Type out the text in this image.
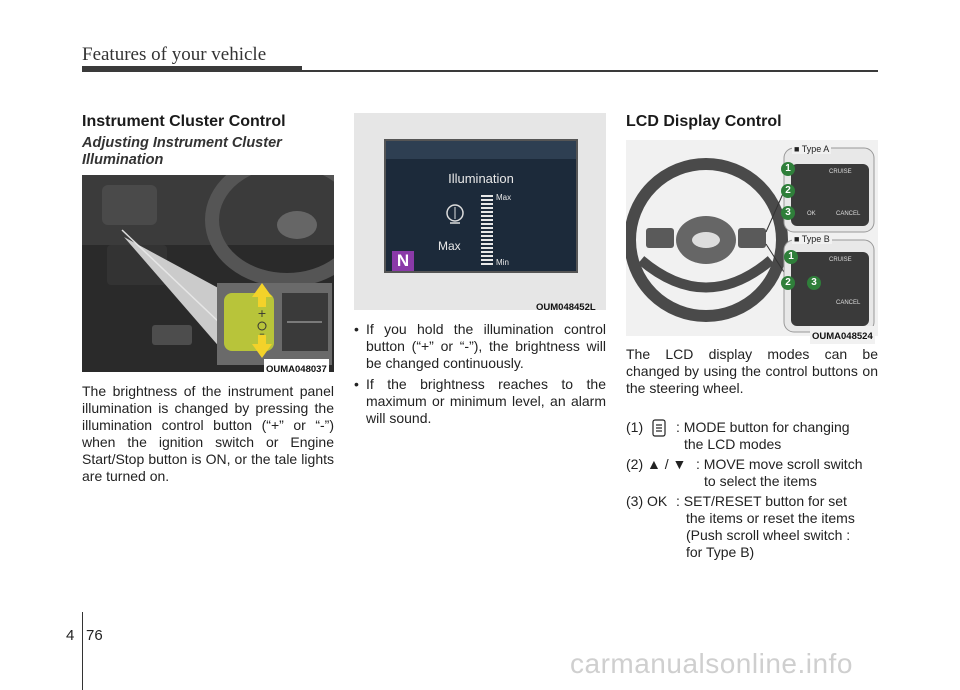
Features of your vehicle
Instrument Cluster Control
Adjusting Instrument Cluster Illumination
+
–
OUMA048037
The brightness of the instrument panel illumination is changed by pressing the illumination control button (“+” or “-”) when the ignition switch or Engine Start/Stop button is ON, or the tale lights are turned on.
Illumination
Max
Max
Min
N
OUM048452L
• If you hold the illumination control button (“+” or “-”), the brightness will be changed continuously.
• If the brightness reaches to the maximum or minimum level, an alarm will sound.
LCD Display Control
■ Type A
■ Type B
CRUISE
OK	CANCEL
CRUISE
CANCEL
1
2
3
1
2	3
OUMA048524
The LCD display modes can be changed by using the control buttons on the steering wheel.
(1) : MODE button for changing
the LCD modes
(2) ▲ / ▼ : MOVE move scroll switch
to select the items
(3) OK : SET/RESET button for set
the items or reset the items
(Push scroll wheel switch :
for Type B)
4 76
carmanualsonline.info
